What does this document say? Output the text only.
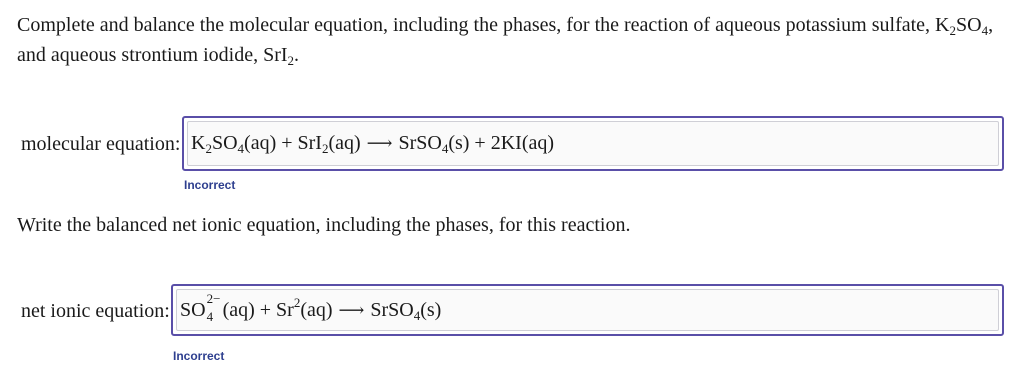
Complete and balance the molecular equation, including the phases, for the reaction of aqueous potassium sulfate, $K_2SO_4$,
and aqueous strontium iodide, SrI$_2$.
molecular equation: $K_2SO_4(aq) + SrI_2(aq)$ ⟶ SrSO$_4$(s) + 2KI(aq)
Incorrect
Write the balanced net ionic equation, including the phases, for this reaction.
net ionic equation: SO
2−
4 $(aq) + Sr^2(aq)$ ⟶ SrSO$_4$(s)
Incorrect
